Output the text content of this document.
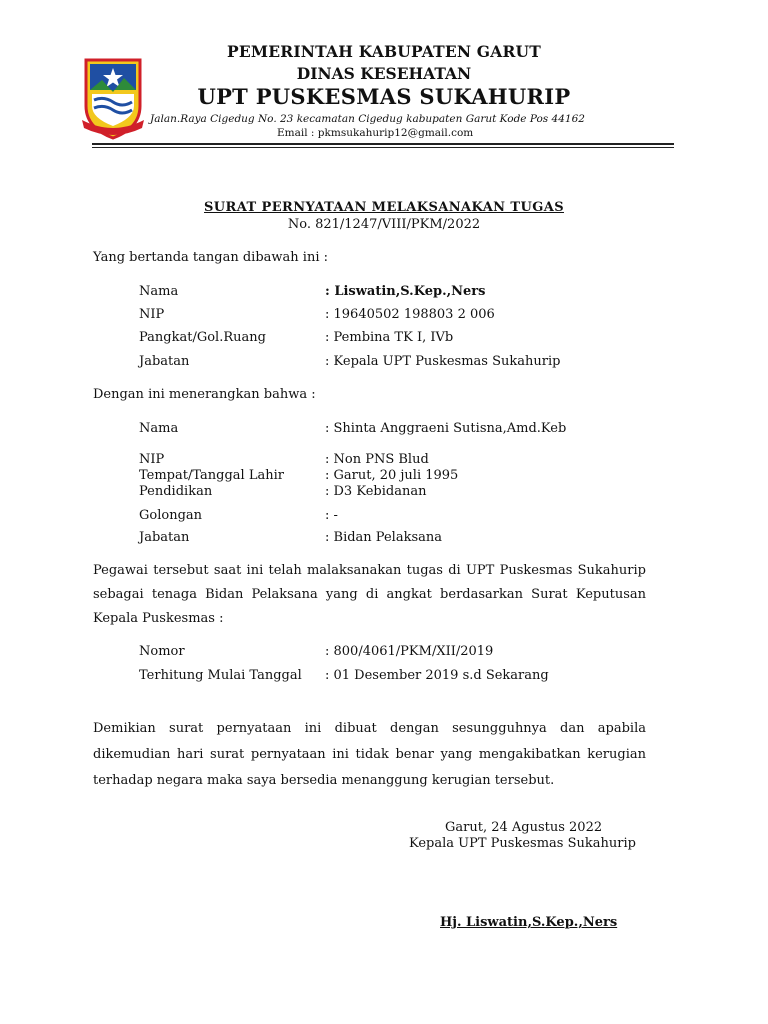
PEMERINTAH KABUPATEN GARUT
DINAS KESEHATAN
UPT PUSKESMAS SUKAHURIP
Jalan.Raya Cigedug No. 23 kecamatan Cigedug kabupaten Garut Kode Pos 44162
Email : pkmsukahurip12@gmail.com
SURAT PERNYATAAN MELAKSANAKAN TUGAS
No. 821/1247/VIII/PKM/2022
Yang bertanda tangan dibawah ini :
Nama	: Liswatin,S.Kep.,Ners
NIP	: 19640502 198803 2 006
Pangkat/Gol.Ruang	: Pembina TK I, IVb
Jabatan	: Kepala UPT Puskesmas Sukahurip
Dengan ini menerangkan bahwa :
Nama	: Shinta Anggraeni Sutisna,Amd.Keb
NIP	: Non PNS Blud
Tempat/Tanggal Lahir	: Garut, 20 juli 1995
Pendidikan	: D3 Kebidanan
Golongan	: -
Jabatan	: Bidan Pelaksana
Pegawai tersebut saat ini telah malaksanakan tugas di UPT Puskesmas Sukahurip sebagai tenaga Bidan Pelaksana yang di angkat berdasarkan Surat Keputusan Kepala Puskesmas :
Nomor	: 800/4061/PKM/XII/2019
Terhitung Mulai Tanggal : 01 Desember 2019 s.d Sekarang
Demikian surat pernyataan ini dibuat dengan sesungguhnya dan apabila dikemudian hari surat pernyataan ini tidak benar yang mengakibatkan kerugian terhadap negara maka saya bersedia menanggung kerugian tersebut.
Garut, 24 Agustus 2022
Kepala UPT Puskesmas Sukahurip
Hj. Liswatin,S.Kep.,Ners
